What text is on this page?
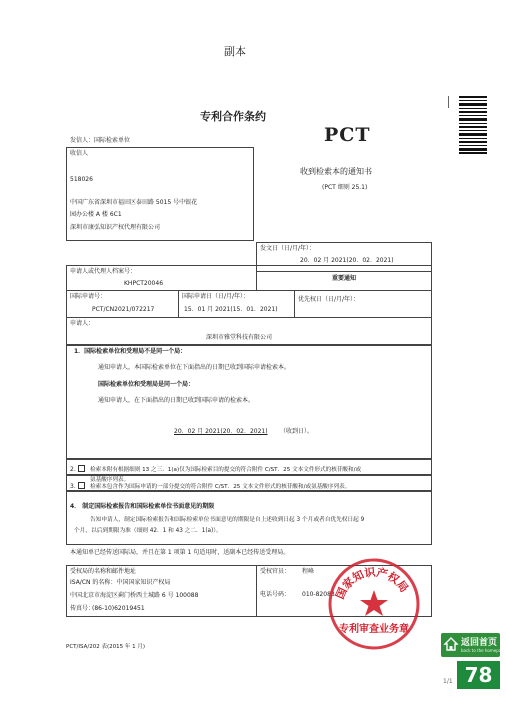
副本
专利合作条约
PCT
发信人：国际检索单位
收信人
518026
中国广东省深圳市福田区泰田路 5015 号中银花
园办公楼 A 楼 6C1
深圳市康弘知识产权代理有限公司
收到检索本的通知书
(PCT 细则 25.1)
发文日（日/月/年）：
20．02 月 2021(20．02．2021)
申请人或代理人档案号：
KHPCT20046
重要通知
国际申请号：
PCT/CN2021/072217
国际申请日（日/月/年）：
15．01 月 2021(15．01．2021)
优先权日（日/月/年）：
申请人：
深圳市雅堂科技有限公司
1．国际检索单位和受理局不是同一个局：
通知申请人，本国际检索单位在下面指出的日期已收到国际申请检索本。
国际检索单位和受理局是同一个局：
通知申请人，在下面指出的日期已收到国际申请的检索本。
20．02 月 2021(20．02．2021) （收到日）。
2． 检索本附有根据细则 13 之三．1(a)仅为国际检索目的提交的符合附件 C/ST．25 文本文件形式的核苷酸和/或
氨基酸序列表。
3． 检索本包含作为国际申请的一部分提交的符合附件 C/ST．25 文本文件形式的核苷酸和/或氨基酸序列表。
4． 制定国际检索报告和国际检索单位书面意见的期限
告知申请人，制定国际检索报告和国际检索单位书面意见的期限是自上述收到日起 3 个月或者自优先权日起 9
个月，以后到期限为准（细则 42．1 和 43 之二．1(a)）。
本通知单已经传送国际局，并且在第 1 项第 1 句适用时，送副本已经传送受理局。
受权局的名称和邮件地址
ISA/CN 的名称：中国国家知识产权局
中国北京市海淀区蓟门桥西土城路 6 号 100088
传真号：
(86-10)62019451
受权官员： 程峰
电话号码： 010-82083
国家知识产权局
专利审查业务章
PCT/ISA/202 表(2015 年 1 月)	返回首页
back to the homepage
1/1 78
